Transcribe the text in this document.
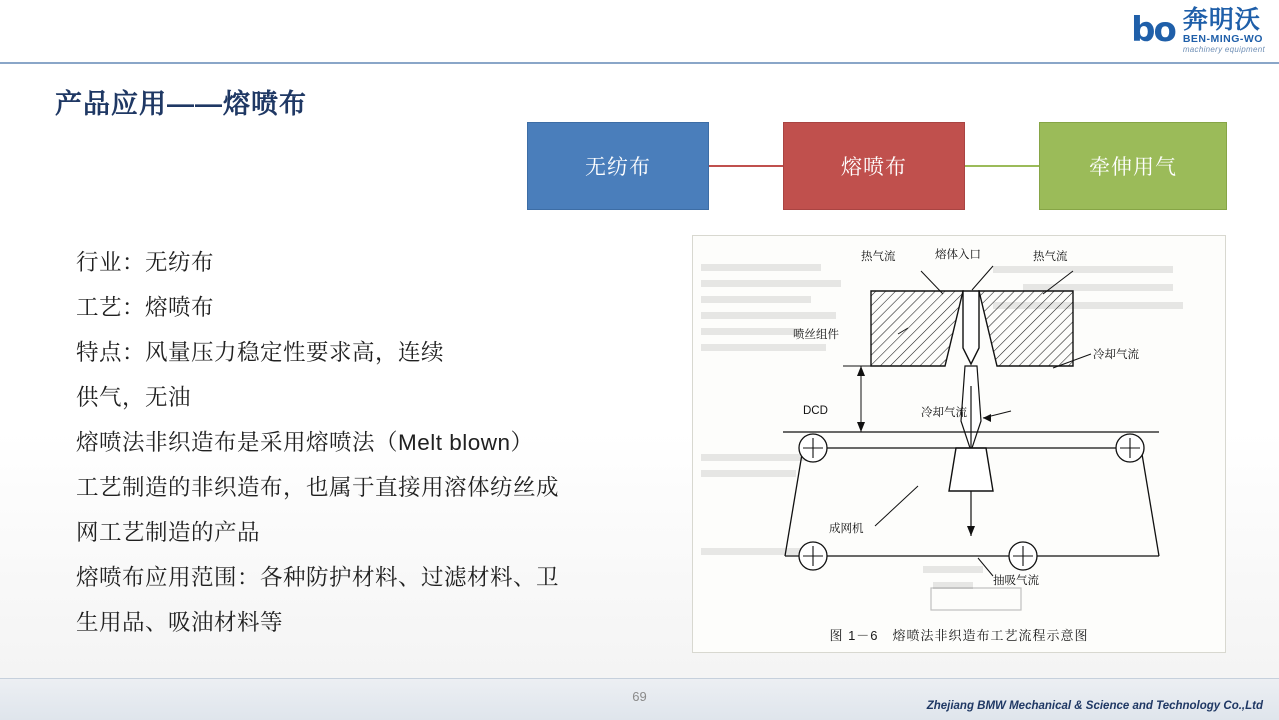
bo 奔明沃
BEN-MING-WO
machinery equipment
产品应用——熔喷布
无纺布	熔喷布	牵伸用气

行业：无纺布

工艺：熔喷布

特点：风量压力稳定性要求高，连续

供气，无油

熔喷法非织造布是采用熔喷法（Melt blown）

工艺制造的非织造布，也属于直接用溶体纺丝成

网工艺制造的产品

熔喷布应用范围：各种防护材料、过滤材料、卫

生用品、吸油材料等

热气流	熔体入口	热气流
喷丝组件
冷却气流
冷却气流
DCD
成网机
抽吸气流
图 1－6　熔喷法非织造布工艺流程示意图
69
Zhejiang BMW Mechanical & Science and Technology Co.,Ltd
